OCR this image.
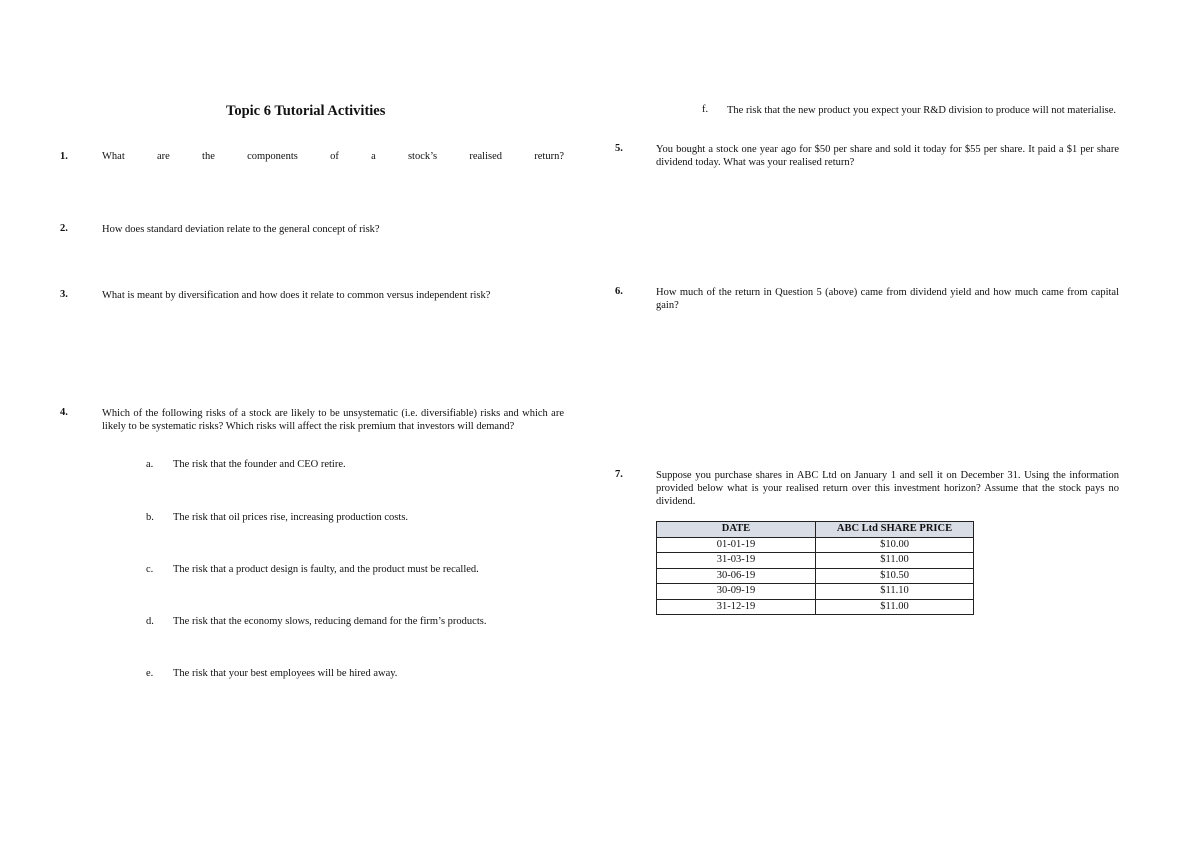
Topic 6 Tutorial Activities
1.	What are the components of a stock’s realised return?
2.	How does standard deviation relate to the general concept of risk?
3.	What is meant by diversification and how does it relate to common versus independent risk?
4.	Which of the following risks of a stock are likely to be unsystematic (i.e. diversifiable) risks and which are likely to be systematic risks? Which risks will affect the risk premium that investors will demand?
a.	The risk that the founder and CEO retire.
b.	The risk that oil prices rise, increasing production costs.
c.	The risk that a product design is faulty, and the product must be recalled.
d.	The risk that the economy slows, reducing demand for the firm’s products.
e.	The risk that your best employees will be hired away.
f.	The risk that the new product you expect your R&D division to produce will not materialise.
5.	You bought a stock one year ago for $50 per share and sold it today for $55 per share. It paid a $1 per share dividend today. What was your realised return?
6.	How much of the return in Question 5 (above) came from dividend yield and how much came from capital gain?
7.	Suppose you purchase shares in ABC Ltd on January 1 and sell it on December 31. Using the information provided below what is your realised return over this investment horizon? Assume that the stock pays no dividend.
DATE	ABC Ltd SHARE PRICE
01-01-19	$10.00
31-03-19	$11.00
30-06-19	$10.50
30-09-19	$11.10
31-12-19	$11.00
